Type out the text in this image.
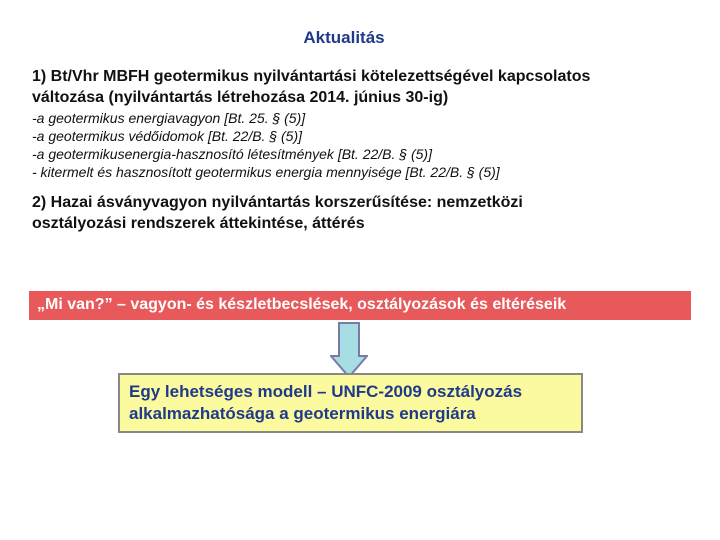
Aktualitás
1) Bt/Vhr MBFH geotermikus nyilvántartási kötelezettségével kapcsolatos
változása (nyilvántartás létrehozása 2014. június 30-ig)
-a geotermikus energiavagyon [Bt. 25. § (5)]
-a geotermikus védőidomok [Bt. 22/B. § (5)]
-a geotermikusenergia-hasznosító létesítmények [Bt. 22/B. § (5)]
- kitermelt és hasznosított geotermikus energia mennyisége [Bt. 22/B. § (5)]
2) Hazai ásványvagyon nyilvántartás korszerűsítése: nemzetközi
osztályozási rendszerek áttekintése, áttérés
„Mi van?” – vagyon- és készletbecslések, osztályozások és eltéréseik
Egy lehetséges modell – UNFC-2009 osztályozás
alkalmazhatósága a geotermikus energiára
